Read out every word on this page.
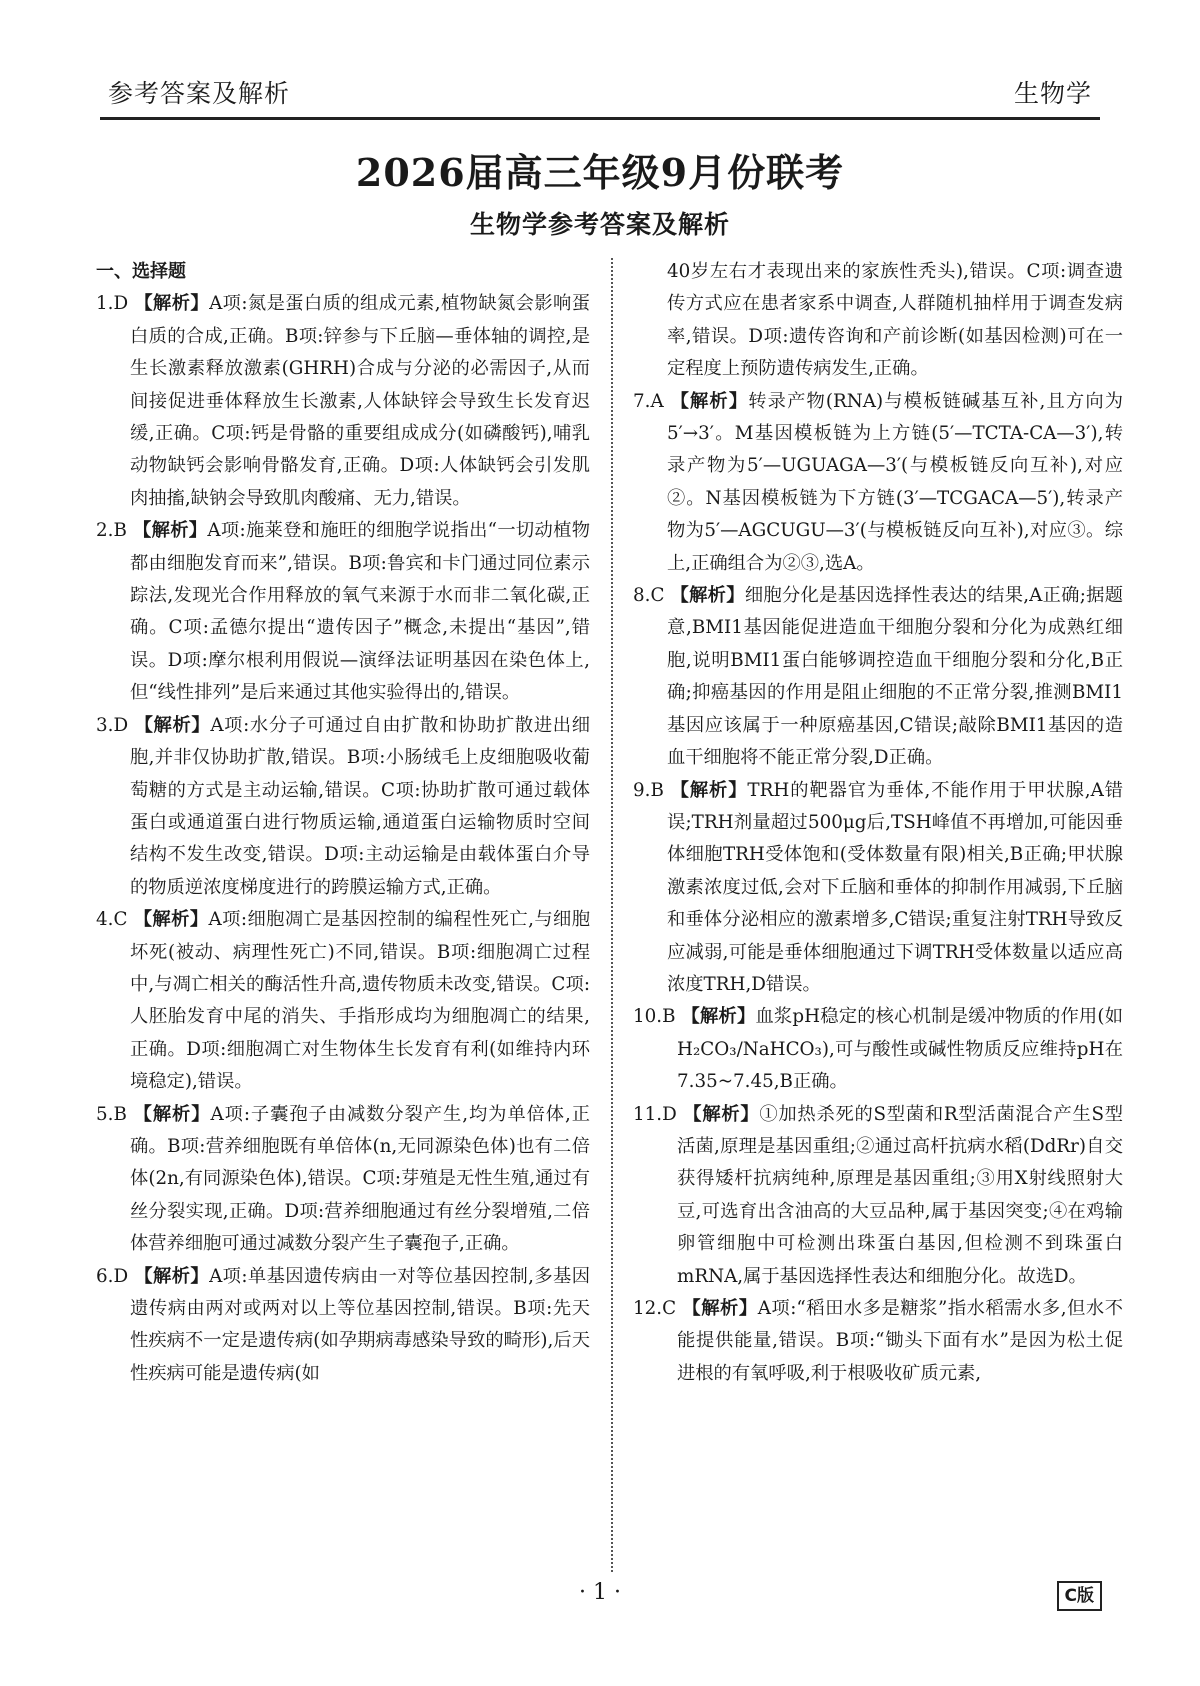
参考答案及解析	生物学
2026届高三年级9月份联考
生物学参考答案及解析
一、选择题

1.D 【解析】A项:氮是蛋白质的组成元素,植物缺氮会影响蛋白质的合成,正确。B项:锌参与下丘脑—垂体轴的调控,是生长激素释放激素(GHRH)合成与分泌的必需因子,从而间接促进垂体释放生长激素,人体缺锌会导致生长发育迟缓,正确。C项:钙是骨骼的重要组成成分(如磷酸钙),哺乳动物缺钙会影响骨骼发育,正确。D项:人体缺钙会引发肌肉抽搐,缺钠会导致肌肉酸痛、无力,错误。

2.B 【解析】A项:施莱登和施旺的细胞学说指出“一切动植物都由细胞发育而来”,错误。B项:鲁宾和卡门通过同位素示踪法,发现光合作用释放的氧气来源于水而非二氧化碳,正确。C项:孟德尔提出“遗传因子”概念,未提出“基因”,错误。D项:摩尔根利用假说—演绎法证明基因在染色体上,但“线性排列”是后来通过其他实验得出的,错误。

3.D 【解析】A项:水分子可通过自由扩散和协助扩散进出细胞,并非仅协助扩散,错误。B项:小肠绒毛上皮细胞吸收葡萄糖的方式是主动运输,错误。C项:协助扩散可通过载体蛋白或通道蛋白进行物质运输,通道蛋白运输物质时空间结构不发生改变,错误。D项:主动运输是由载体蛋白介导的物质逆浓度梯度进行的跨膜运输方式,正确。

4.C 【解析】A项:细胞凋亡是基因控制的编程性死亡,与细胞坏死(被动、病理性死亡)不同,错误。B项:细胞凋亡过程中,与凋亡相关的酶活性升高,遗传物质未改变,错误。C项:人胚胎发育中尾的消失、手指形成均为细胞凋亡的结果,正确。D项:细胞凋亡对生物体生长发育有利(如维持内环境稳定),错误。

5.B 【解析】A项:子囊孢子由减数分裂产生,均为单倍体,正确。B项:营养细胞既有单倍体(n,无同源染色体)也有二倍体(2n,有同源染色体),错误。C项:芽殖是无性生殖,通过有丝分裂实现,正确。D项:营养细胞通过有丝分裂增殖,二倍体营养细胞可通过减数分裂产生子囊孢子,正确。

6.D 【解析】A项:单基因遗传病由一对等位基因控制,多基因遗传病由两对或两对以上等位基因控制,错误。B项:先天性疾病不一定是遗传病(如孕期病毒感染导致的畸形),后天性疾病可能是遗传病(如

40岁左右才表现出来的家族性秃头),错误。C项:调查遗传方式应在患者家系中调查,人群随机抽样用于调查发病率,错误。D项:遗传咨询和产前诊断(如基因检测)可在一定程度上预防遗传病发生,正确。

7.A 【解析】转录产物(RNA)与模板链碱基互补,且方向为5′→3′。M基因模板链为上方链(5′—TCTA-CA—3′),转录产物为5′—UGUAGA—3′(与模板链反向互补),对应②。N基因模板链为下方链(3′—TCGACA—5′),转录产物为5′—AGCUGU—3′(与模板链反向互补),对应③。综上,正确组合为②③,选A。

8.C 【解析】细胞分化是基因选择性表达的结果,A正确;据题意,BMI1基因能促进造血干细胞分裂和分化为成熟红细胞,说明BMI1蛋白能够调控造血干细胞分裂和分化,B正确;抑癌基因的作用是阻止细胞的不正常分裂,推测BMI1基因应该属于一种原癌基因,C错误;敲除BMI1基因的造血干细胞将不能正常分裂,D正确。

9.B 【解析】TRH的靶器官为垂体,不能作用于甲状腺,A错误;TRH剂量超过500μg后,TSH峰值不再增加,可能因垂体细胞TRH受体饱和(受体数量有限)相关,B正确;甲状腺激素浓度过低,会对下丘脑和垂体的抑制作用减弱,下丘脑和垂体分泌相应的激素增多,C错误;重复注射TRH导致反应减弱,可能是垂体细胞通过下调TRH受体数量以适应高浓度TRH,D错误。

10.B 【解析】血浆pH稳定的核心机制是缓冲物质的作用(如H₂CO₃/NaHCO₃),可与酸性或碱性物质反应维持pH在7.35~7.45,B正确。

11.D 【解析】①加热杀死的S型菌和R型活菌混合产生S型活菌,原理是基因重组;②通过高杆抗病水稻(DdRr)自交获得矮杆抗病纯种,原理是基因重组;③用X射线照射大豆,可选育出含油高的大豆品种,属于基因突变;④在鸡输卵管细胞中可检测出珠蛋白基因,但检测不到珠蛋白mRNA,属于基因选择性表达和细胞分化。故选D。

12.C 【解析】A项:“稻田水多是糖浆”指水稻需水多,但水不能提供能量,错误。B项:“锄头下面有水”是因为松土促进根的有氧呼吸,利于根吸收矿质元素,

· 1 ·	C版
